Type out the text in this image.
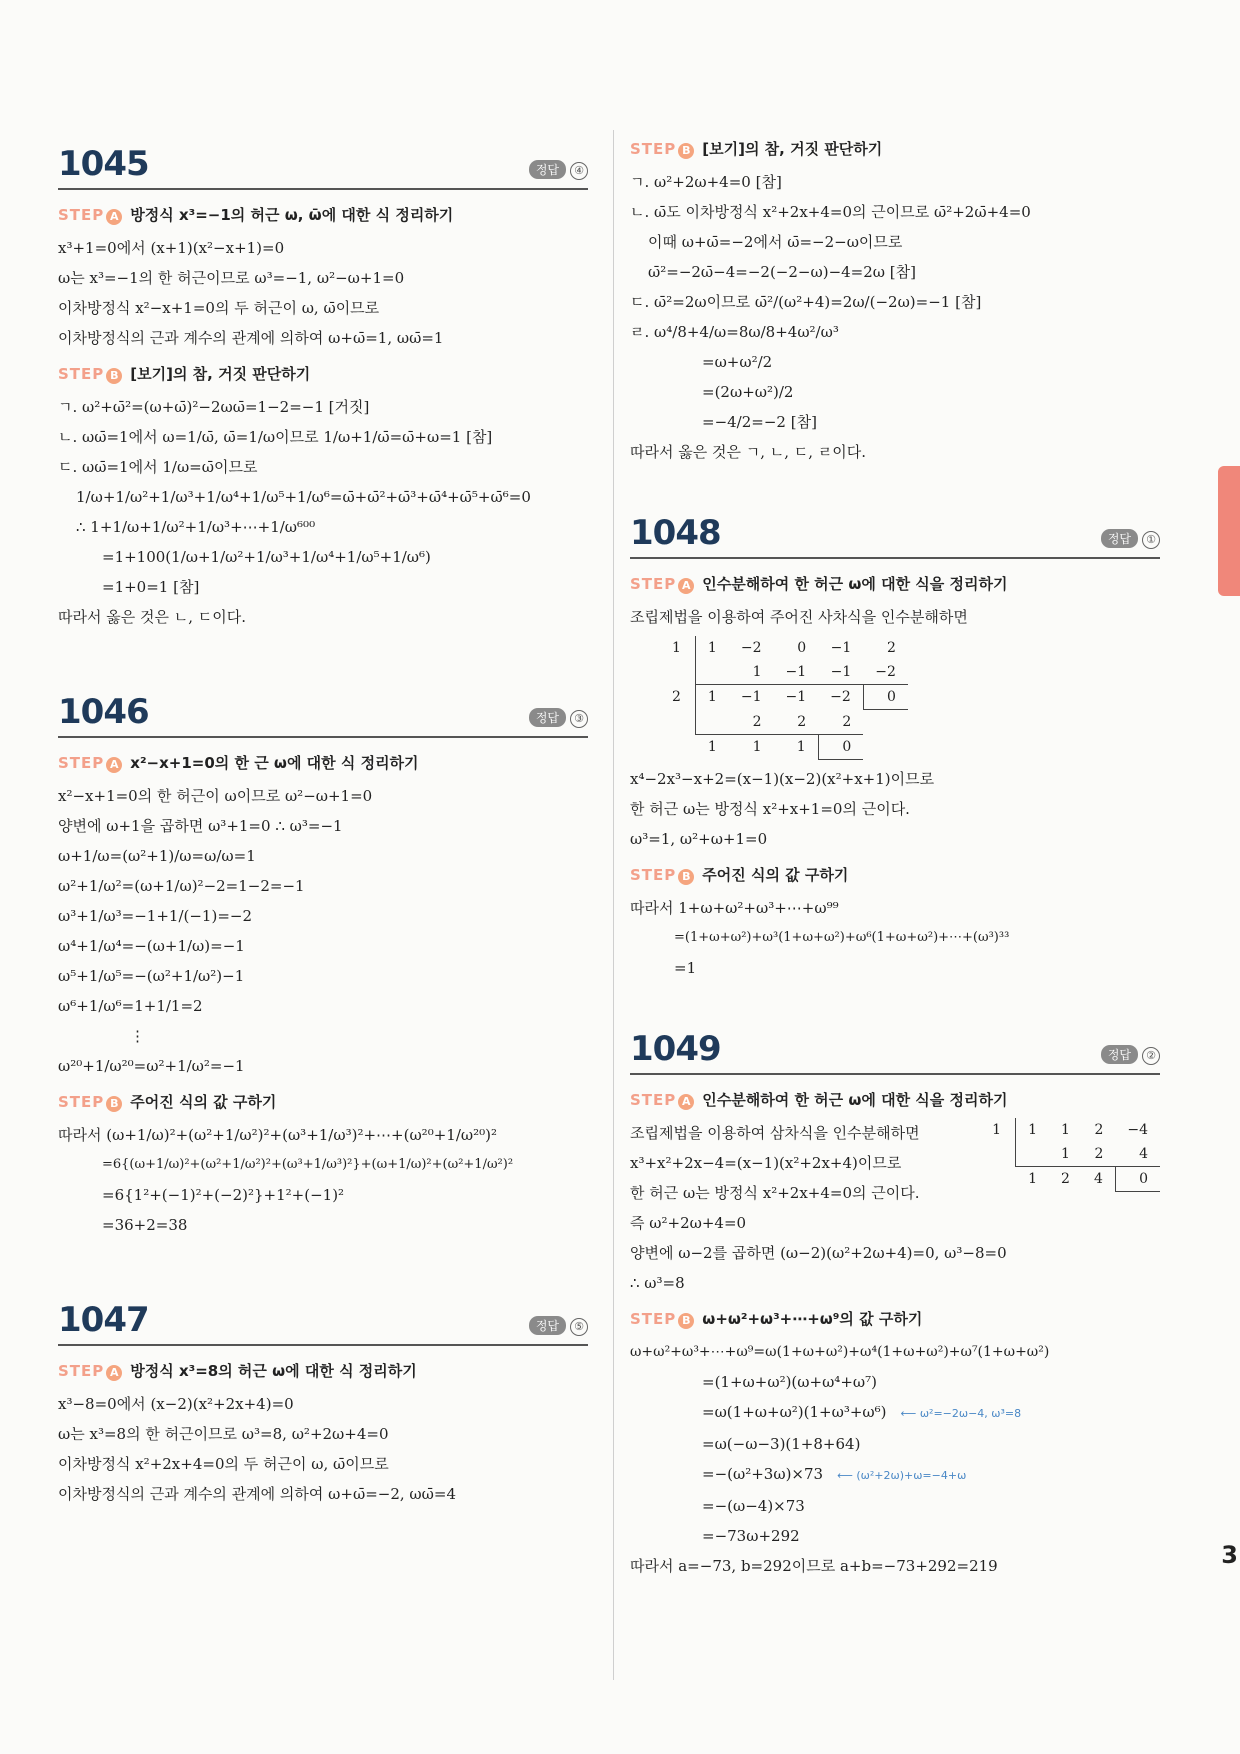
1045	정답 ④
STEP A 방정식 x³=−1의 허근 ω, ω̄에 대한 식 정리하기
x³+1=0에서 (x+1)(x²−x+1)=0
ω는 x³=−1의 한 허근이므로 ω³=−1, ω²−ω+1=0
이차방정식 x²−x+1=0의 두 허근이 ω, ω̄이므로
이차방정식의 근과 계수의 관계에 의하여 ω+ω̄=1, ωω̄=1
STEP B [보기]의 참, 거짓 판단하기
ㄱ. ω²+ω̄²=(ω+ω̄)²−2ωω̄=1−2=−1 [거짓]
ㄴ. ωω̄=1에서 ω=1/ω̄, ω̄=1/ω이므로 1/ω+1/ω̄=ω̄+ω=1 [참]
ㄷ. ωω̄=1에서 1/ω=ω̄이므로
1/ω+1/ω²+1/ω³+1/ω⁴+1/ω⁵+1/ω⁶=ω̄+ω̄²+ω̄³+ω̄⁴+ω̄⁵+ω̄⁶=0
∴ 1+1/ω+1/ω²+1/ω³+⋯+1/ω⁶⁰⁰
=1+100(1/ω+1/ω²+1/ω³+1/ω⁴+1/ω⁵+1/ω⁶)
=1+0=1 [참]
따라서 옳은 것은 ㄴ, ㄷ이다.
1046	정답 ③
STEP A x²−x+1=0의 한 근 ω에 대한 식 정리하기
x²−x+1=0의 한 허근이 ω이므로 ω²−ω+1=0
양변에 ω+1을 곱하면 ω³+1=0 ∴ ω³=−1
ω+1/ω=(ω²+1)/ω=ω/ω=1
ω²+1/ω²=(ω+1/ω)²−2=1−2=−1
ω³+1/ω³=−1+1/(−1)=−2
ω⁴+1/ω⁴=−(ω+1/ω)=−1
ω⁵+1/ω⁵=−(ω²+1/ω²)−1
ω⁶+1/ω⁶=1+1/1=2
⋮
ω²⁰+1/ω²⁰=ω²+1/ω²=−1
STEP B 주어진 식의 값 구하기
따라서 (ω+1/ω)²+(ω²+1/ω²)²+(ω³+1/ω³)²+⋯+(ω²⁰+1/ω²⁰)²
=6{(ω+1/ω)²+(ω²+1/ω²)²+(ω³+1/ω³)²}+(ω+1/ω)²+(ω²+1/ω²)²
=6{1²+(−1)²+(−2)²}+1²+(−1)²
=36+2=38
1047	정답 ⑤
STEP A 방정식 x³=8의 허근 ω에 대한 식 정리하기
x³−8=0에서 (x−2)(x²+2x+4)=0
ω는 x³=8의 한 허근이므로 ω³=8, ω²+2ω+4=0
이차방정식 x²+2x+4=0의 두 허근이 ω, ω̄이므로
이차방정식의 근과 계수의 관계에 의하여 ω+ω̄=−2, ωω̄=4
STEP B [보기]의 참, 거짓 판단하기
ㄱ. ω²+2ω+4=0 [참]
ㄴ. ω̄도 이차방정식 x²+2x+4=0의 근이므로 ω̄²+2ω̄+4=0
이때 ω+ω̄=−2에서 ω̄=−2−ω이므로
ω̄²=−2ω̄−4=−2(−2−ω)−4=2ω [참]
ㄷ. ω̄²=2ω이므로 ω̄²/(ω²+4)=2ω/(−2ω)=−1 [참]
ㄹ. ω⁴/8+4/ω=8ω/8+4ω²/ω³
=ω+ω²/2
=(2ω+ω²)/2
=−4/2=−2 [참]
따라서 옳은 것은 ㄱ, ㄴ, ㄷ, ㄹ이다.
1048	정답 ①
STEP A 인수분해하여 한 허근 ω에 대한 식을 정리하기
조립제법을 이용하여 주어진 사차식을 인수분해하면
1	1	−2	0	−1	2
		1	−1	−1	−2
2	1	−1	−1	−2	0
		2	2	2	
	1	1	1	0	
x⁴−2x³−x+2=(x−1)(x−2)(x²+x+1)이므로
한 허근 ω는 방정식 x²+x+1=0의 근이다.
ω³=1, ω²+ω+1=0
STEP B 주어진 식의 값 구하기
따라서 1+ω+ω²+ω³+⋯+ω⁹⁹
=(1+ω+ω²)+ω³(1+ω+ω²)+ω⁶(1+ω+ω²)+⋯+(ω³)³³
=1
1049	정답 ②
STEP A 인수분해하여 한 허근 ω에 대한 식을 정리하기
1	1	1	2	−4
		1	2	4
	1	2	4	0
조립제법을 이용하여 삼차식을 인수분해하면
x³+x²+2x−4=(x−1)(x²+2x+4)이므로
한 허근 ω는 방정식 x²+2x+4=0의 근이다.
즉 ω²+2ω+4=0
양변에 ω−2를 곱하면 (ω−2)(ω²+2ω+4)=0, ω³−8=0
∴ ω³=8
STEP B ω+ω²+ω³+⋯+ω⁹의 값 구하기
ω+ω²+ω³+⋯+ω⁹=ω(1+ω+ω²)+ω⁴(1+ω+ω²)+ω⁷(1+ω+ω²)
=(1+ω+ω²)(ω+ω⁴+ω⁷)
=ω(1+ω+ω²)(1+ω³+ω⁶) ⟵ ω²=−2ω−4, ω³=8
=ω(−ω−3)(1+8+64)
=−(ω²+3ω)×73 ⟵ (ω²+2ω)+ω=−4+ω
=−(ω−4)×73
=−73ω+292
따라서 a=−73, b=292이므로 a+b=−73+292=219	3
